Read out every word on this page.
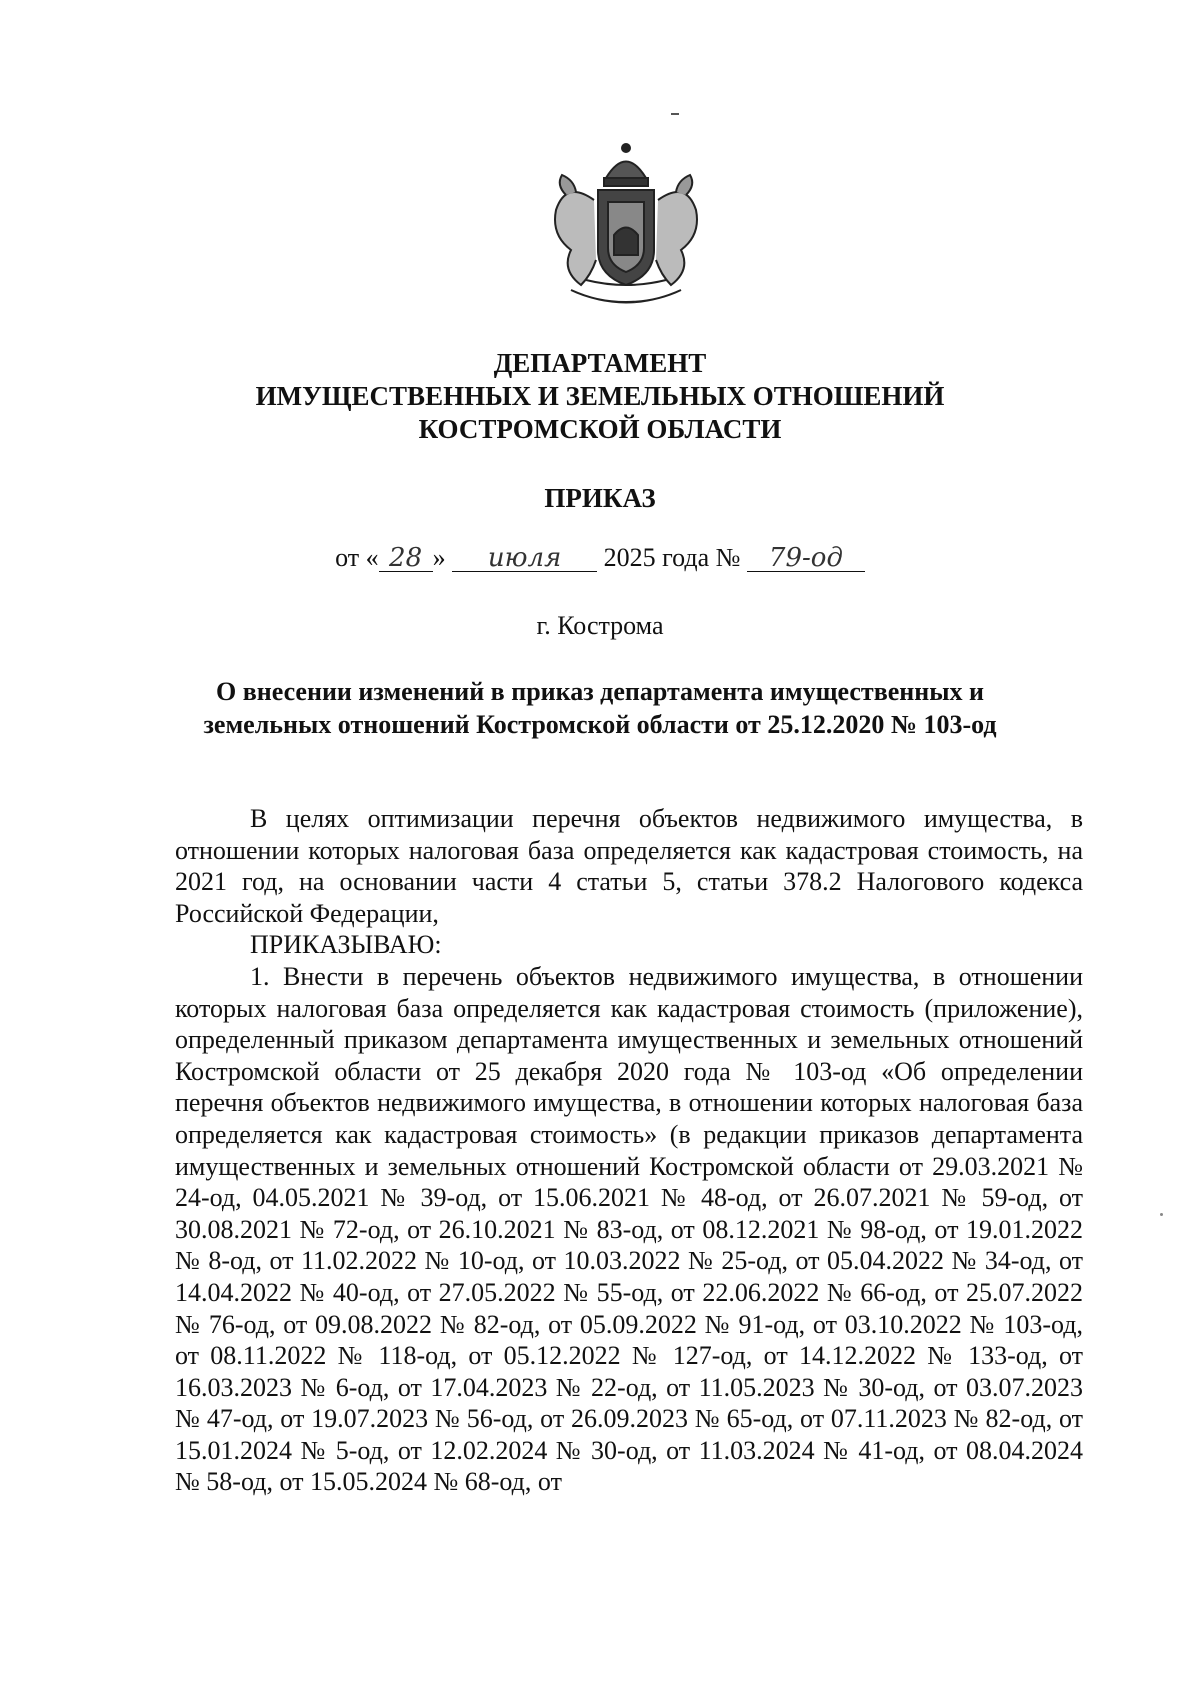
ДЕПАРТАМЕНТ
ИМУЩЕСТВЕННЫХ И ЗЕМЕЛЬНЫХ ОТНОШЕНИЙ
КОСТРОМСКОЙ ОБЛАСТИ
ПРИКАЗ
от « 28 » июля 2025 года № 79-од
г. Кострома
О внесении изменений в приказ департамента имущественных и
земельных отношений Костромской области от 25.12.2020 № 103-од

В целях оптимизации перечня объектов недвижимого имущества, в отношении которых налоговая база определяется как кадастровая стоимость, на 2021 год, на основании части 4 статьи 5, статьи 378.2 Налогового кодекса Российской Федерации,

ПРИКАЗЫВАЮ:

1. Внести в перечень объектов недвижимого имущества, в отношении которых налоговая база определяется как кадастровая стоимость (приложение), определенный приказом департамента имущественных и земельных отношений Костромской области от 25 декабря 2020 года № 103-од «Об определении перечня объектов недвижимого имущества, в отношении которых налоговая база определяется как кадастровая стоимость» (в редакции приказов департамента имущественных и земельных отношений Костромской области от 29.03.2021 № 24-од, 04.05.2021 № 39-од, от 15.06.2021 № 48-од, от 26.07.2021 № 59-од, от 30.08.2021 № 72-од, от 26.10.2021 № 83-од, от 08.12.2021 № 98-од, от 19.01.2022 № 8-од, от 11.02.2022 № 10-од, от 10.03.2022 № 25-од, от 05.04.2022 № 34-од, от 14.04.2022 № 40-од, от 27.05.2022 № 55-од, от 22.06.2022 № 66-од, от 25.07.2022 № 76-од, от 09.08.2022 № 82-од, от 05.09.2022 № 91-од, от 03.10.2022 № 103-од, от 08.11.2022 № 118-од, от 05.12.2022 № 127-од, от 14.12.2022 № 133-од, от 16.03.2023 № 6-од, от 17.04.2023 № 22-од, от 11.05.2023 № 30-од, от 03.07.2023 № 47-од, от 19.07.2023 № 56-од, от 26.09.2023 № 65-од, от 07.11.2023 № 82-од, от 15.01.2024 № 5-од, от 12.02.2024 № 30-од, от 11.03.2024 № 41-од, от 08.04.2024 № 58-од, от 15.05.2024 № 68-од, от
